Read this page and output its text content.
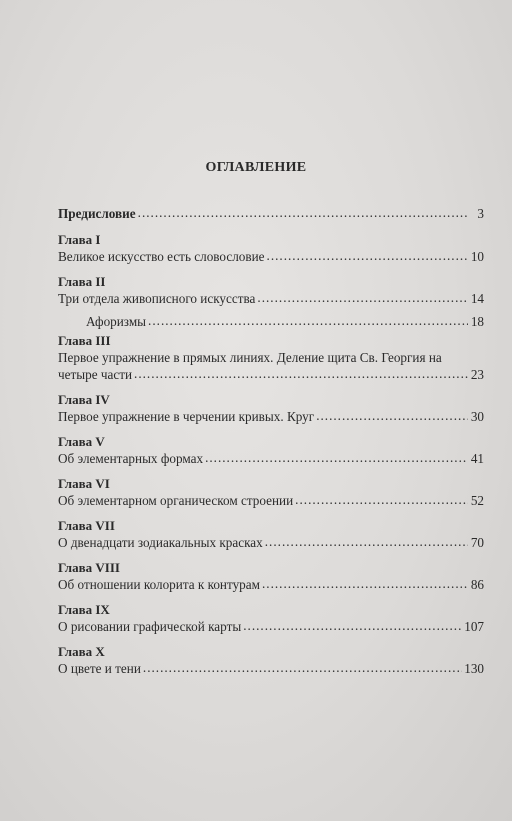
ОГЛАВЛЕНИЕ
Предисловие .....	3
Глава I
Великое искусство есть словословие .....	10
Глава II
Три отдела живописного искусства .....	14
Афоризмы .....	18
Глава III
Первое упражнение в прямых линиях. Деление щита Св. Георгия на
четыре части .....	23
Глава IV
Первое упражнение в черчении кривых. Круг .....	30
Глава V
Об элементарных формах .....	41
Глава VI
Об элементарном органическом строении .....	52
Глава VII
О двенадцати зодиакальных красках .....	70
Глава VIII
Об отношении колорита к контурам .....	86
Глава IX
О рисовании графической карты .....	107
Глава X
О цвете и тени .....	130
